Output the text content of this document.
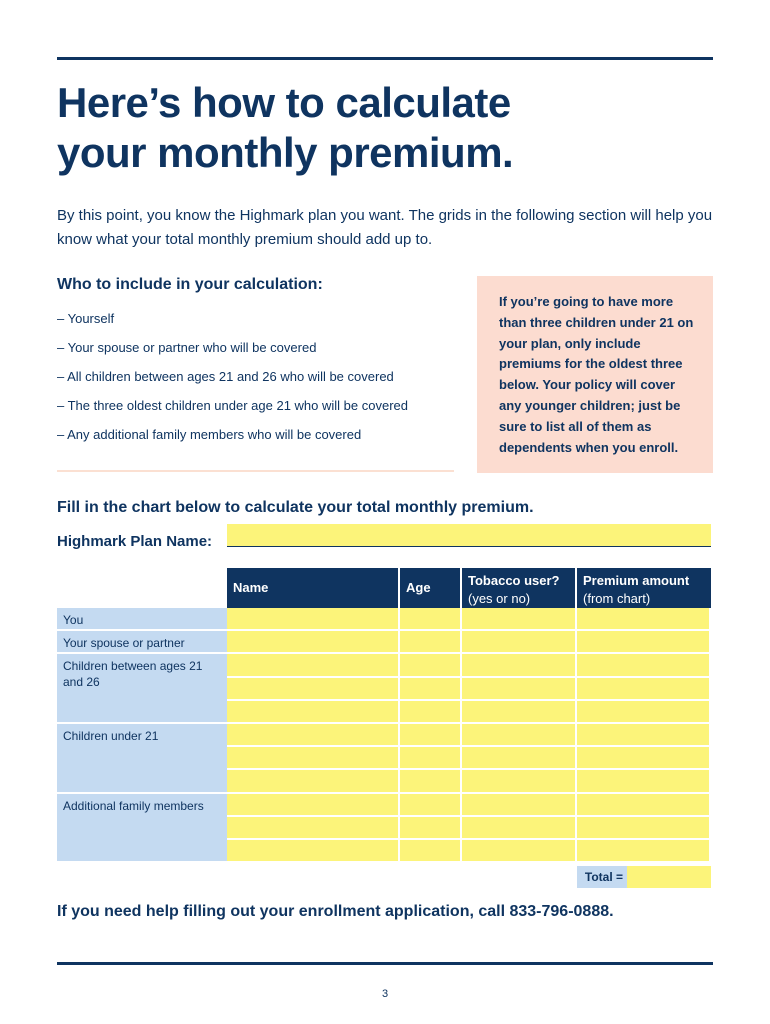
Here’s how to calculate
your monthly premium.

By this point, you know the Highmark plan you want. The grids in the following section will help you know what your total monthly premium should add up to.

Who to include in your calculation:
– Yourself
– Your spouse or partner who will be covered
– All children between ages 21 and 26 who will be covered
– The three oldest children under age 21 who will be covered
– Any additional family members who will be covered

If you’re going to have more than three children under 21 on your plan, only include premiums for the oldest three below. Your policy will cover any younger children; just be sure to list all of them as dependents when you enroll.

Fill in the chart below to calculate your total monthly premium.
Highmark Plan Name:
Name	Age	Tobacco user?
(yes or no)
Premium amount
(from chart)
You
Your spouse or partner
Children between ages 21 and 26
Children under 21
Additional family members
Total =

If you need help filling out your enrollment application, call 833-796-0888.

3
